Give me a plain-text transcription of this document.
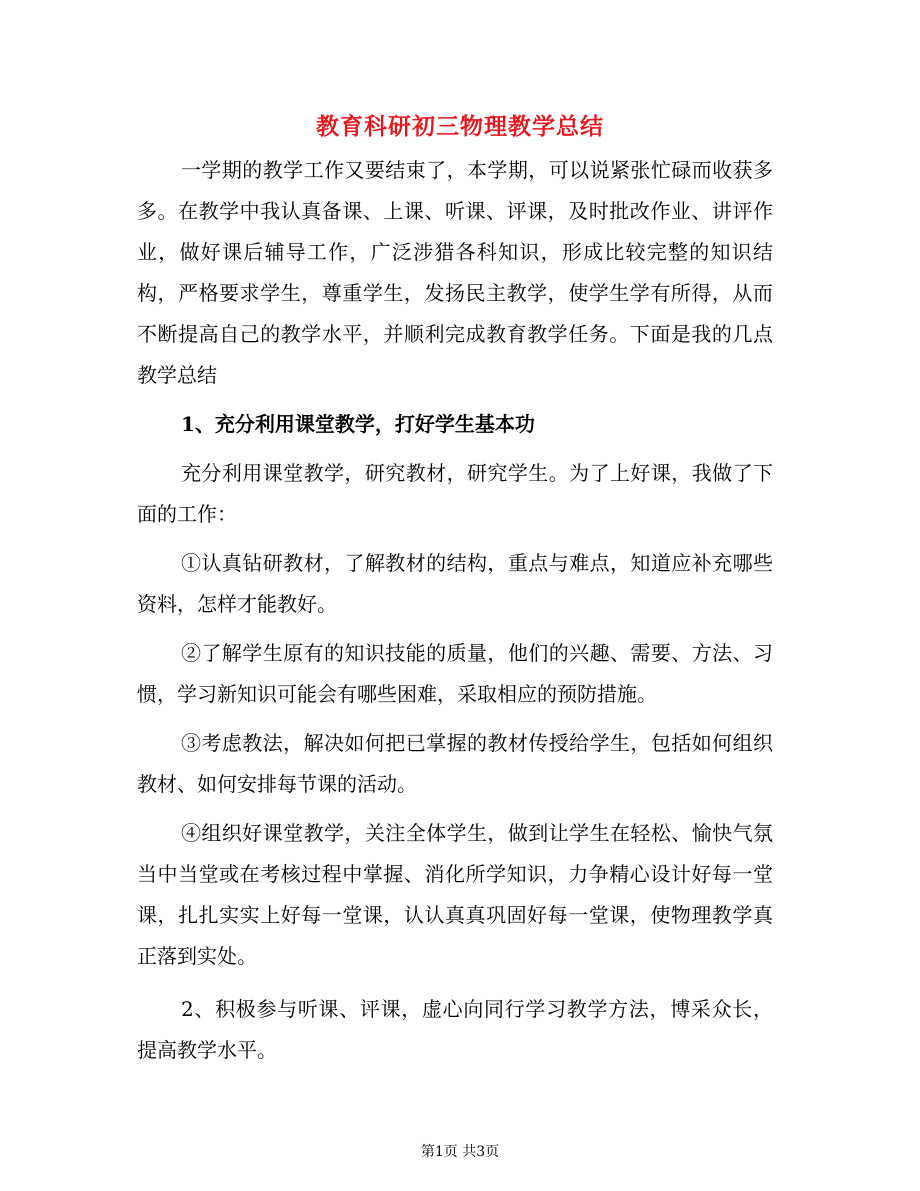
教育科研初三物理教学总结

一学期的教学工作又要结束了，本学期，可以说紧张忙碌而收获多多。在教学中我认真备课、上课、听课、评课，及时批改作业、讲评作业，做好课后辅导工作，广泛涉猎各科知识，形成比较完整的知识结构，严格要求学生，尊重学生，发扬民主教学，使学生学有所得，从而不断提高自己的教学水平，并顺利完成教育教学任务。下面是我的几点教学总结

1、充分利用课堂教学，打好学生基本功

充分利用课堂教学，研究教材，研究学生。为了上好课，我做了下面的工作：

①认真钻研教材，了解教材的结构，重点与难点，知道应补充哪些资料，怎样才能教好。

②了解学生原有的知识技能的质量，他们的兴趣、需要、方法、习惯，学习新知识可能会有哪些困难，采取相应的预防措施。

③考虑教法，解决如何把已掌握的教材传授给学生，包括如何组织教材、如何安排每节课的活动。

④组织好课堂教学，关注全体学生，做到让学生在轻松、愉快气氛当中当堂或在考核过程中掌握、消化所学知识，力争精心设计好每一堂课，扎扎实实上好每一堂课，认认真真巩固好每一堂课，使物理教学真正落到实处。

2、积极参与听课、评课，虚心向同行学习教学方法，博采众长，提高教学水平。

第1页 共3页
